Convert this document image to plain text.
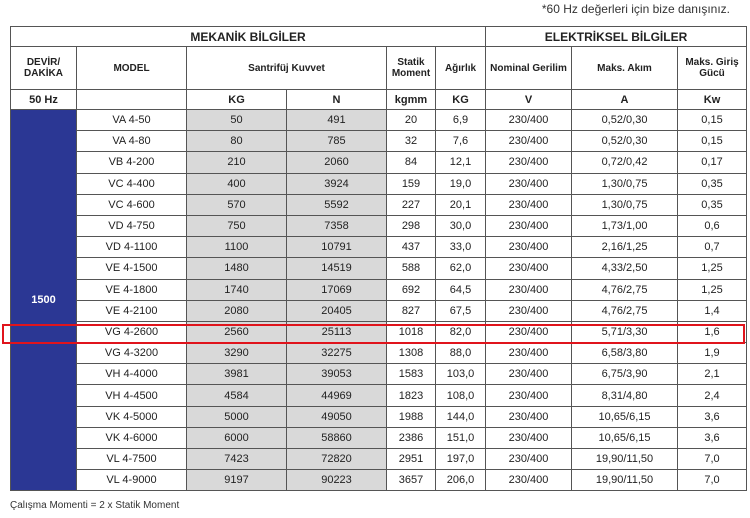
*60 Hz değerleri için bize danışınız.
MEKANİK BİLGİLER						ELEKTRİKSEL BİLGİLER		
DEVİR/ DAKİKA	MODEL	Santrifüj Kuvvet		Statik Moment	Ağırlık	Nominal Gerilim	Maks. Akım	Maks. Giriş Gücü
50 Hz		KG	N	kgmm	KG	V	A	Kw
1500	VA 4-50	50	491	20	6,9	230/400	0,52/0,30	0,15
	VA 4-80	80	785	32	7,6	230/400	0,52/0,30	0,15
	VB 4-200	210	2060	84	12,1	230/400	0,72/0,42	0,17
	VC 4-400	400	3924	159	19,0	230/400	1,30/0,75	0,35
	VC 4-600	570	5592	227	20,1	230/400	1,30/0,75	0,35
	VD 4-750	750	7358	298	30,0	230/400	1,73/1,00	0,6
	VD 4-1100	1100	10791	437	33,0	230/400	2,16/1,25	0,7
	VE 4-1500	1480	14519	588	62,0	230/400	4,33/2,50	1,25
	VE 4-1800	1740	17069	692	64,5	230/400	4,76/2,75	1,25
	VE 4-2100	2080	20405	827	67,5	230/400	4,76/2,75	1,4
	VG 4-2600	2560	25113	1018	82,0	230/400	5,71/3,30	1,6
	VG 4-3200	3290	32275	1308	88,0	230/400	6,58/3,80	1,9
	VH 4-4000	3981	39053	1583	103,0	230/400	6,75/3,90	2,1
	VH 4-4500	4584	44969	1823	108,0	230/400	8,31/4,80	2,4
	VK 4-5000	5000	49050	1988	144,0	230/400	10,65/6,15	3,6
	VK 4-6000	6000	58860	2386	151,0	230/400	10,65/6,15	3,6
	VL 4-7500	7423	72820	2951	197,0	230/400	19,90/11,50	7,0
	VL 4-9000	9197	90223	3657	206,0	230/400	19,90/11,50	7,0
Çalışma Momenti = 2 x Statik Moment
